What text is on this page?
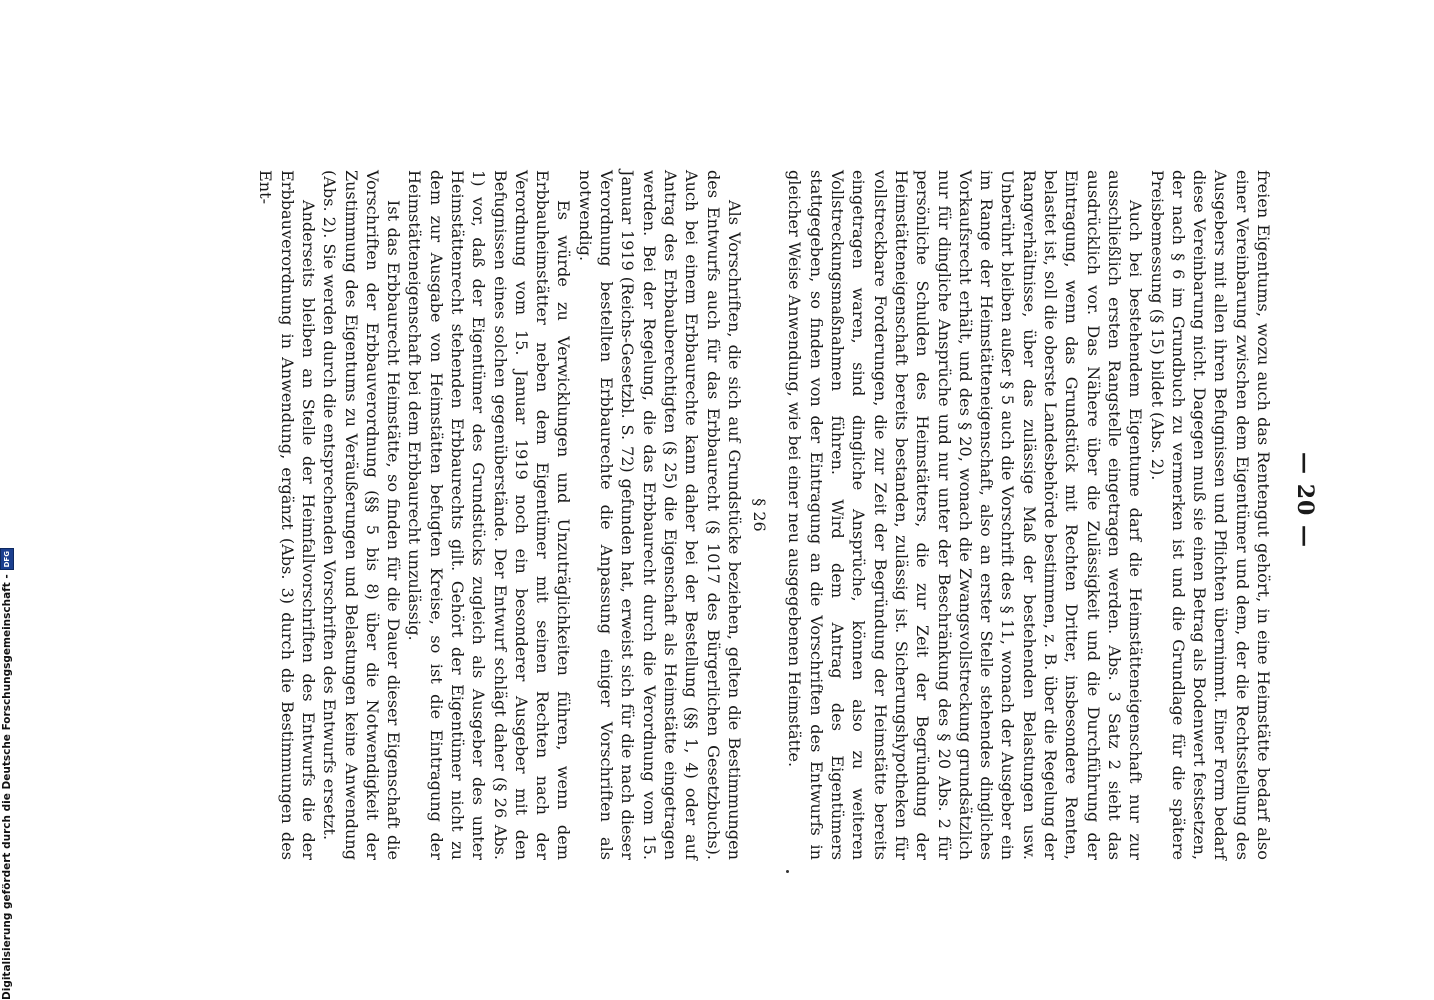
— 20 —

freien Eigentums, wozu auch das Rentengut gehört, in eine Heimstätte bedarf also einer Vereinbarung zwischen dem Eigentümer und dem, der die Rechtsstellung des Ausgebers mit allen ihren Befugnissen und Pflichten übernimmt. Einer Form bedarf diese Vereinbarung nicht. Dagegen muß sie einen Betrag als Bodenwert festsetzen, der nach § 6 im Grundbuch zu vermerken ist und die Grundlage für die spätere Preisbemessung (§ 15) bildet (Abs. 2).

Auch bei bestehendem Eigentume darf die Heimstätteneigenschaft nur zur ausschließlich ersten Rangstelle eingetragen werden. Abs. 3 Satz 2 sieht das ausdrücklich vor. Das Nähere über die Zulässigkeit und die Durchführung der Eintragung, wenn das Grundstück mit Rechten Dritter, insbesondere Renten, belastet ist, soll die oberste Landesbehörde bestimmen, z. B. über die Regelung der Rangverhältnisse, über das zulässige Maß der bestehenden Belastungen usw. Unberührt bleiben außer § 5 auch die Vorschrift des § 11, wonach der Ausgeber ein im Range der Heimstätteneigenschaft, also an erster Stelle stehendes dingliches Vorkaufsrecht erhält, und des § 20, wonach die Zwangsvollstreckung grundsätzlich nur für dingliche Ansprüche und nur unter der Beschränkung des § 20 Abs. 2 für persönliche Schulden des Heimstätters, die zur Zeit der Begründung der Heimstätteneigenschaft bereits bestanden, zulässig ist. Sicherungshypotheken für vollstreckbare Forderungen, die zur Zeit der Begründung der Heimstätte bereits eingetragen waren, sind dingliche Ansprüche, können also zu weiteren Vollstreckungsmaßnahmen führen. Wird dem Antrag des Eigentümers stattgegeben, so finden von der Eintragung an die Vorschriften des Entwurfs in gleicher Weise Anwendung, wie bei einer neu ausgegebenen Heimstätte.

§ 26

Als Vorschriften, die sich auf Grundstücke beziehen, gelten die Bestimmungen des Entwurfs auch für das Erbbaurecht (§ 1017 des Bürgerlichen Gesetzbuchs). Auch bei einem Erbbaurechte kann daher bei der Bestellung (§§ 1, 4) oder auf Antrag des Erbbauberechtigten (§ 25) die Eigenschaft als Heimstätte eingetragen werden. Bei der Regelung, die das Erbbaurecht durch die Verordnung vom 15. Januar 1919 (Reichs-Gesetzbl. S. 72) gefunden hat, erweist sich für die nach dieser Verordnung bestellten Erbbaurechte die Anpassung einiger Vorschriften als notwendig.

Es würde zu Verwicklungen und Unzuträglichkeiten führen, wenn dem Erbbauheimstätter neben dem Eigentümer mit seinen Rechten nach der Verordnung vom 15. Januar 1919 noch ein besonderer Ausgeber mit den Befugnissen eines solchen gegenüberstände. Der Entwurf schlägt daher (§ 26 Abs. 1) vor, daß der Eigentümer des Grundstücks zugleich als Ausgeber des unter Heimstättenrecht stehenden Erbbaurechts gilt. Gehört der Eigentümer nicht zu dem zur Ausgabe von Heimstätten befugten Kreise, so ist die Eintragung der Heimstätteneigenschaft bei dem Erbbaurecht unzulässig.

Ist das Erbbaurecht Heimstätte, so finden für die Dauer dieser Eigenschaft die Vorschriften der Erbbauverordnung (§§ 5 bis 8) über die Notwendigkeit der Zustimmung des Eigentums zu Veräußerungen und Belastungen keine Anwendung (Abs. 2). Sie werden durch die entsprechenden Vorschriften des Entwurfs ersetzt.

Anderseits bleiben an Stelle der Heimfallvorschriften des Entwurfs die der Erbbauverordnung in Anwendung, ergänzt (Abs. 3) durch die Bestimmungen des Ent-

Digitalisierung gefördert durch die Deutsche Forschungsgemeinschaft -
DFG
